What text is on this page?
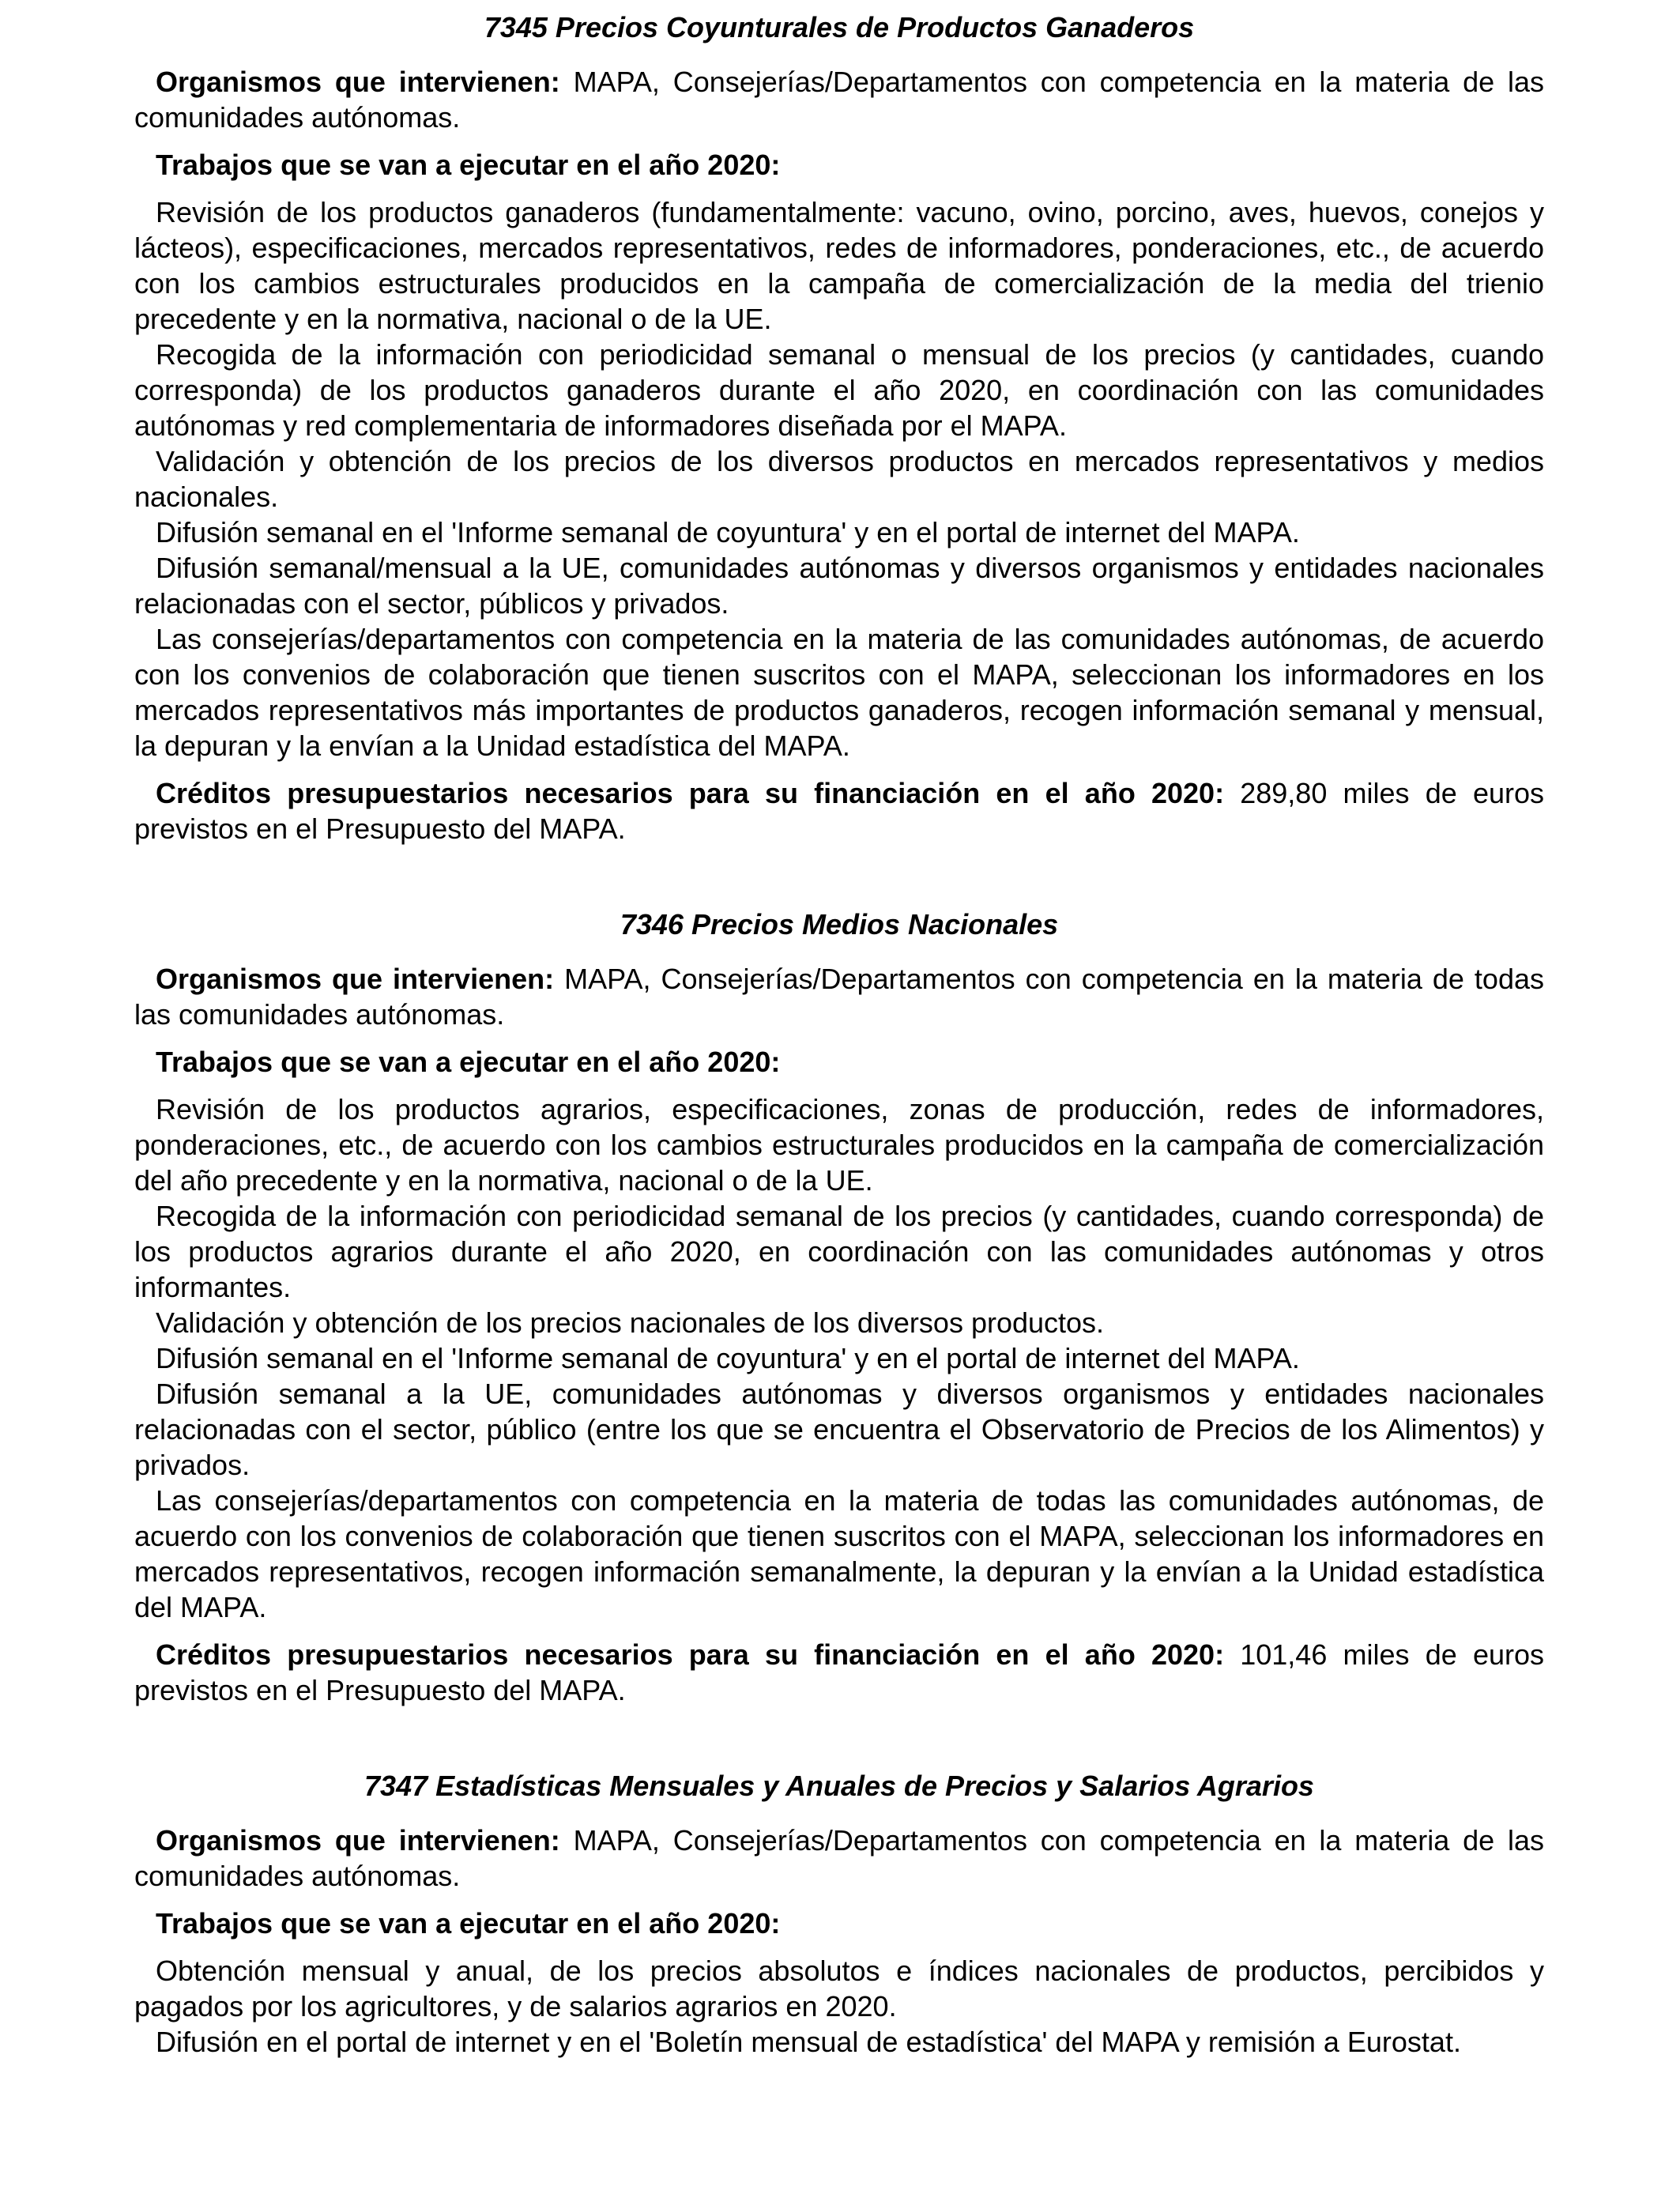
7345 Precios Coyunturales de Productos Ganaderos

Organismos que intervienen: MAPA, Consejerías/Departamentos con competencia en la materia de las comunidades autónomas.

Trabajos que se van a ejecutar en el año 2020:

Revisión de los productos ganaderos (fundamentalmente: vacuno, ovino, porcino, aves, huevos, conejos y lácteos), especificaciones, mercados representativos, redes de informadores, ponderaciones, etc., de acuerdo con los cambios estructurales producidos en la campaña de comercialización de la media del trienio precedente y en la normativa, nacional o de la UE.

Recogida de la información con periodicidad semanal o mensual de los precios (y cantidades, cuando corresponda) de los productos ganaderos durante el año 2020, en coordinación con las comunidades autónomas y red complementaria de informadores diseñada por el MAPA.

Validación y obtención de los precios de los diversos productos en mercados representativos y medios nacionales.

Difusión semanal en el 'Informe semanal de coyuntura' y en el portal de internet del MAPA.

Difusión semanal/mensual a la UE, comunidades autónomas y diversos organismos y entidades nacionales relacionadas con el sector, públicos y privados.

Las consejerías/departamentos con competencia en la materia de las comunidades autónomas, de acuerdo con los convenios de colaboración que tienen suscritos con el MAPA, seleccionan los informadores en los mercados representativos más importantes de productos ganaderos, recogen información semanal y mensual, la depuran y la envían a la Unidad estadística del MAPA.

Créditos presupuestarios necesarios para su financiación en el año 2020: 289,80 miles de euros previstos en el Presupuesto del MAPA.

7346 Precios Medios Nacionales

Organismos que intervienen: MAPA, Consejerías/Departamentos con competencia en la materia de todas las comunidades autónomas.

Trabajos que se van a ejecutar en el año 2020:

Revisión de los productos agrarios, especificaciones, zonas de producción, redes de informadores, ponderaciones, etc., de acuerdo con los cambios estructurales producidos en la campaña de comercialización del año precedente y en la normativa, nacional o de la UE.

Recogida de la información con periodicidad semanal de los precios (y cantidades, cuando corresponda) de los productos agrarios durante el año 2020, en coordinación con las comunidades autónomas y otros informantes.

Validación y obtención de los precios nacionales de los diversos productos.

Difusión semanal en el 'Informe semanal de coyuntura' y en el portal de internet del MAPA.

Difusión semanal a la UE, comunidades autónomas y diversos organismos y entidades nacionales relacionadas con el sector, público (entre los que se encuentra el Observatorio de Precios de los Alimentos) y privados.

Las consejerías/departamentos con competencia en la materia de todas las comunidades autónomas, de acuerdo con los convenios de colaboración que tienen suscritos con el MAPA, seleccionan los informadores en mercados representativos, recogen información semanalmente, la depuran y la envían a la Unidad estadística del MAPA.

Créditos presupuestarios necesarios para su financiación en el año 2020: 101,46 miles de euros previstos en el Presupuesto del MAPA.

7347 Estadísticas Mensuales y Anuales de Precios y Salarios Agrarios

Organismos que intervienen: MAPA, Consejerías/Departamentos con competencia en la materia de las comunidades autónomas.

Trabajos que se van a ejecutar en el año 2020:

Obtención mensual y anual, de los precios absolutos e índices nacionales de productos, percibidos y pagados por los agricultores, y de salarios agrarios en 2020.

Difusión en el portal de internet y en el 'Boletín mensual de estadística' del MAPA y remisión a Eurostat.
